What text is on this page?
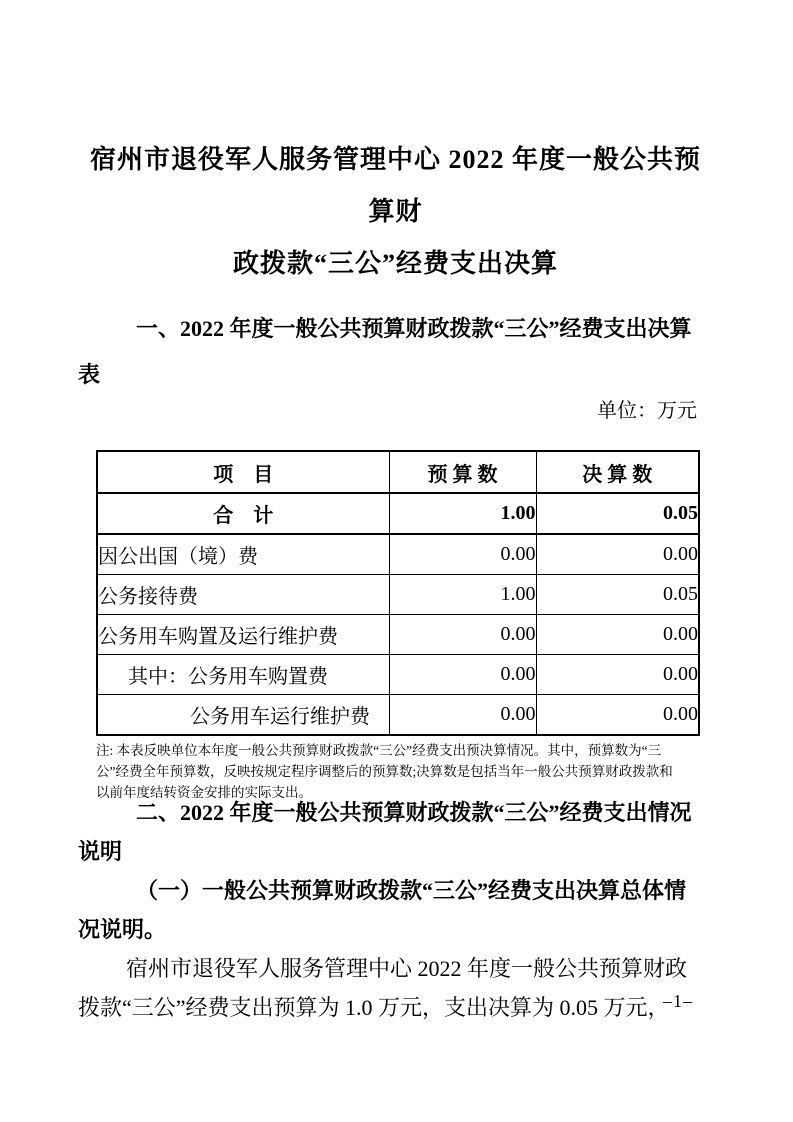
宿州市退役军人服务管理中心 2022 年度一般公共预算财
政拨款“三公”经费支出决算
一、2022 年度一般公共预算财政拨款“三公”经费支出决算
表
单位：万元
项　目	预 算 数	决 算 数
合　计	1.00	0.05
因公出国（境）费	0.00	0.00
公务接待费	1.00	0.05
公务用车购置及运行维护费	0.00	0.00
其中：公务用车购置费	0.00	0.00
公务用车运行维护费	0.00	0.00
注: 本表反映单位本年度一般公共预算财政拨款“三公”经费支出预决算情况。其中，预算数为“三
公”经费全年预算数，反映按规定程序调整后的预算数;决算数是包括当年一般公共预算财政拨款和
以前年度结转资金安排的实际支出。
二、2022 年度一般公共预算财政拨款“三公”经费支出情况
说明
（一）一般公共预算财政拨款“三公”经费支出决算总体情
况说明。
宿州市退役军人服务管理中心 2022 年度一般公共预算财政
拨款“三公”经费支出预算为 1.0 万元，支出决算为 0.05 万元，
–1–
